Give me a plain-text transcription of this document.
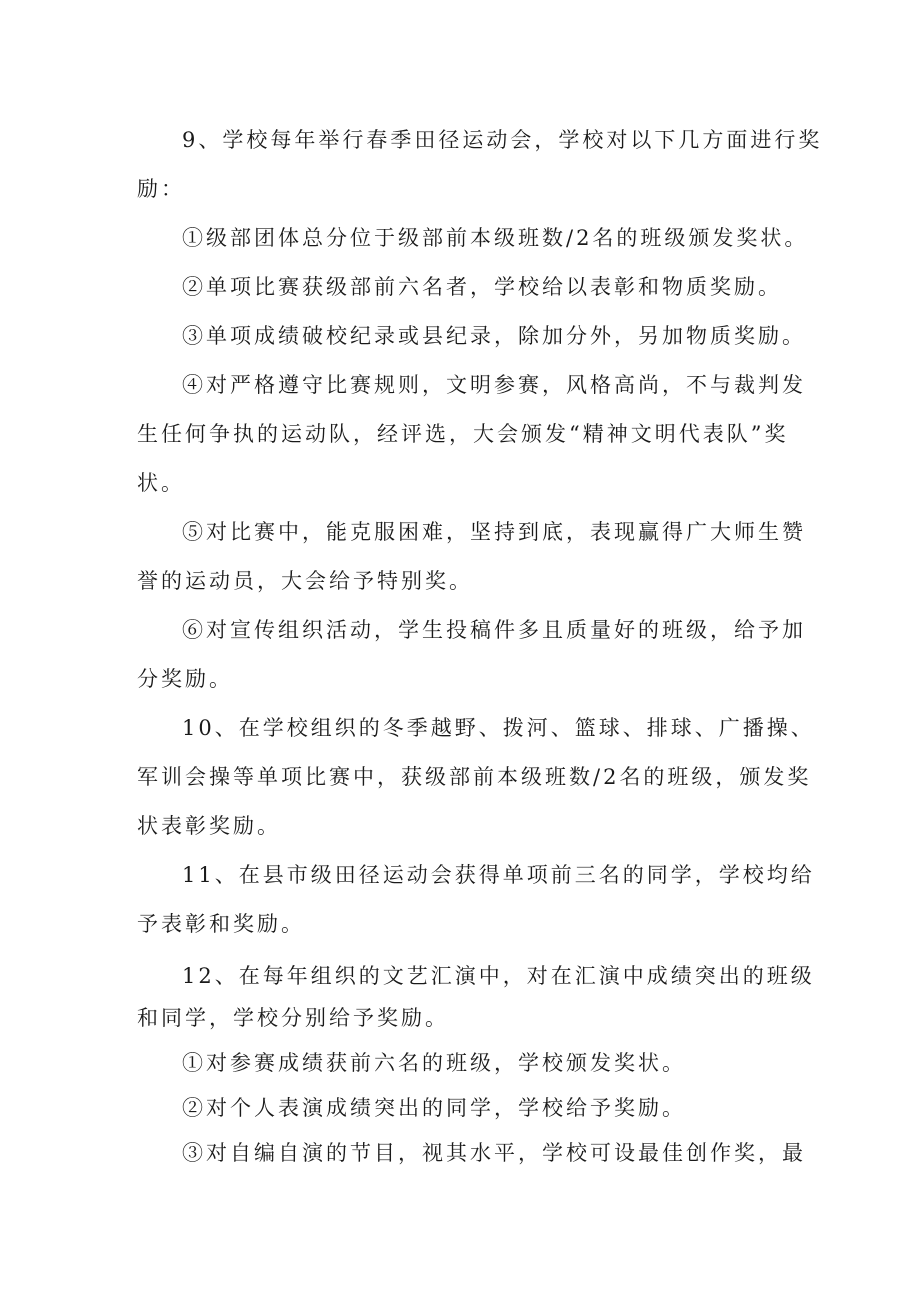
9、学校每年举行春季田径运动会，学校对以下几方面进行奖
励：
①级部团体总分位于级部前本级班数/2名的班级颁发奖状。
②单项比赛获级部前六名者，学校给以表彰和物质奖励。
③单项成绩破校纪录或县纪录，除加分外，另加物质奖励。
④对严格遵守比赛规则，文明参赛，风格高尚，不与裁判发
生任何争执的运动队，经评选，大会颁发“精神文明代表队”奖
状。
⑤对比赛中，能克服困难，坚持到底，表现赢得广大师生赞
誉的运动员，大会给予特别奖。
⑥对宣传组织活动，学生投稿件多且质量好的班级，给予加
分奖励。
10、在学校组织的冬季越野、拨河、篮球、排球、广播操、
军训会操等单项比赛中，获级部前本级班数/2名的班级，颁发奖
状表彰奖励。
11、在县市级田径运动会获得单项前三名的同学，学校均给
予表彰和奖励。
12、在每年组织的文艺汇演中，对在汇演中成绩突出的班级
和同学，学校分别给予奖励。
①对参赛成绩获前六名的班级，学校颁发奖状。
②对个人表演成绩突出的同学，学校给予奖励。
③对自编自演的节目，视其水平，学校可设最佳创作奖，最
